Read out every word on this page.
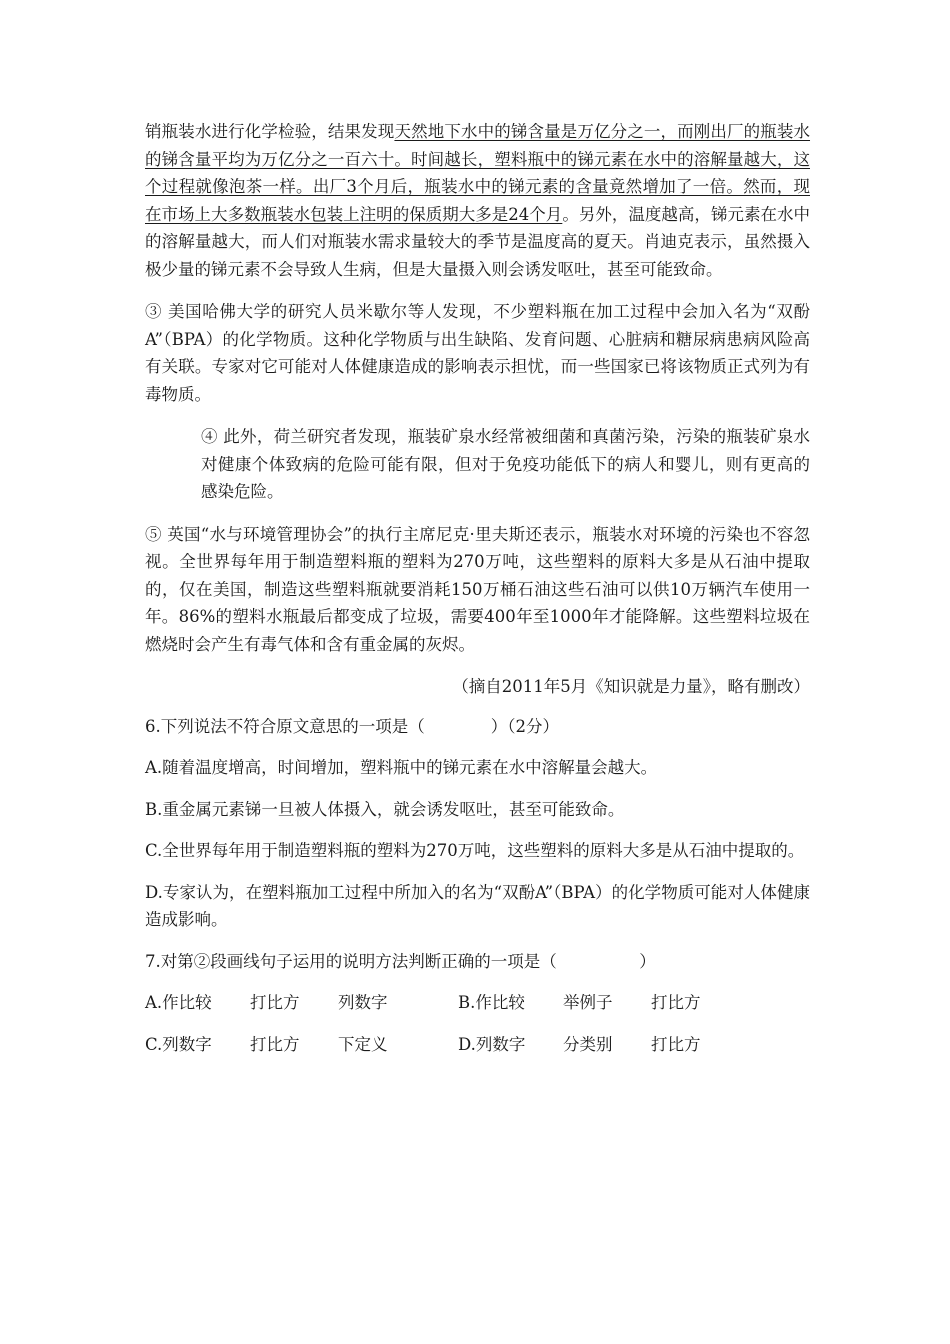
销瓶装水进行化学检验，结果发现天然地下水中的锑含量是万亿分之一，而刚出厂的瓶装水的锑含量平均为万亿分之一百六十。时间越长，塑料瓶中的锑元素在水中的溶解量越大，这个过程就像泡茶一样。出厂3个月后，瓶装水中的锑元素的含量竟然增加了一倍。然而，现在市场上大多数瓶装水包装上注明的保质期大多是24个月。另外，温度越高，锑元素在水中的溶解量越大，而人们对瓶装水需求量较大的季节是温度高的夏天。肖迪克表示，虽然摄入极少量的锑元素不会导致人生病，但是大量摄入则会诱发呕吐，甚至可能致命。

③ 美国哈佛大学的研究人员米歇尔等人发现，不少塑料瓶在加工过程中会加入名为“双酚A”（BPA）的化学物质。这种化学物质与出生缺陷、发育问题、心脏病和糖尿病患病风险高有关联。专家对它可能对人体健康造成的影响表示担忧，而一些国家已将该物质正式列为有毒物质。

④ 此外，荷兰研究者发现，瓶装矿泉水经常被细菌和真菌污染，污染的瓶装矿泉水对健康个体致病的危险可能有限，但对于免疫功能低下的病人和婴儿，则有更高的感染危险。

⑤ 英国“水与环境管理协会”的执行主席尼克·里夫斯还表示，瓶装水对环境的污染也不容忽视。全世界每年用于制造塑料瓶的塑料为270万吨，这些塑料的原料大多是从石油中提取的，仅在美国，制造这些塑料瓶就要消耗150万桶石油这些石油可以供10万辆汽车使用一年。86%的塑料水瓶最后都变成了垃圾，需要400年至1000年才能降解。这些塑料垃圾在燃烧时会产生有毒气体和含有重金属的灰烬。

（摘自2011年5月《知识就是力量》，略有删改）

6.下列说法不符合原文意思的一项是（　　　　）（2分）

A.随着温度增高，时间增加，塑料瓶中的锑元素在水中溶解量会越大。

B.重金属元素锑一旦被人体摄入，就会诱发呕吐，甚至可能致命。

C.全世界每年用于制造塑料瓶的塑料为270万吨，这些塑料的原料大多是从石油中提取的。

D.专家认为，在塑料瓶加工过程中所加入的名为“双酚A”（BPA）的化学物质可能对人体健康造成影响。

7.对第②段画线句子运用的说明方法判断正确的一项是（　　　　　）

A.作比较	打比方	列数字	B.作比较	举例子	打比方
C.列数字	打比方	下定义	D.列数字	分类别	打比方
